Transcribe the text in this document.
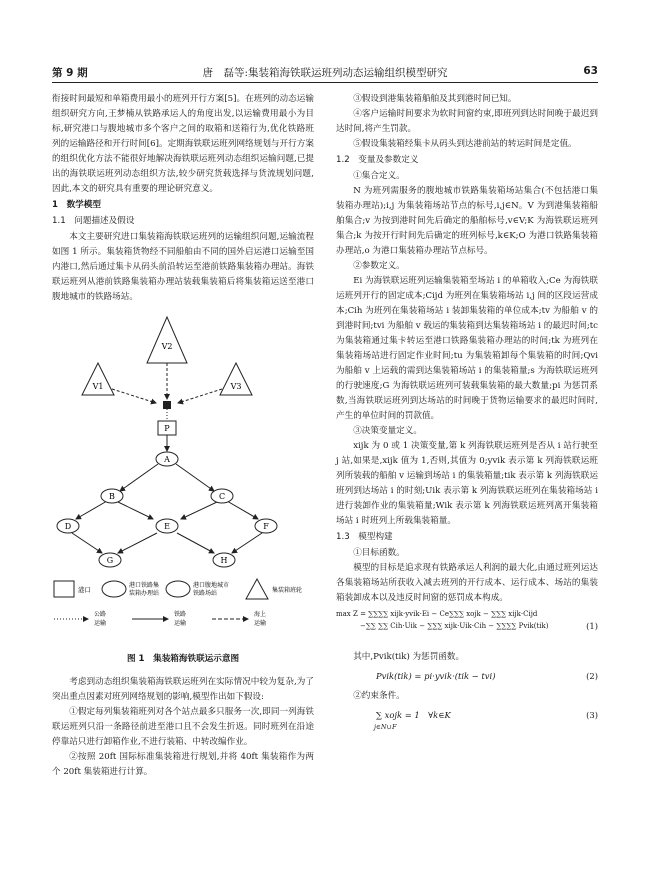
第 9 期	唐　磊等:集装箱海铁联运班列动态运输组织模型研究	63

衔接时间最短和单箱费用最小的班列开行方案[5]。在班列的动态运输组织研究方向,王梦楠从铁路承运人的角度出发,以运输费用最小为目标,研究港口与腹地城市多个客户之间的取箱和送箱行为,优化铁路班列的运输路径和开行时间[6]。定期海铁联运班列网络规划与开行方案的组织优化方法不能很好地解决海铁联运班列动态组织运输问题,已提出的海铁联运班列动态组织方法,较少研究货载选择与货流规划问题,因此,本文的研究具有重要的理论研究意义。

1　数学模型
1.1　问题描述及假设

本文主要研究进口集装箱海铁联运班列的运输组织问题,运输流程如图 1 所示。集装箱货物经不同船舶由不同的国外启运港口运输至国内港口,然后通过集卡从码头前沿转运至港前铁路集装箱办理站。海铁联运班列从港前铁路集装箱办理站装载集装箱后将集装箱运送至港口腹地城市的铁路场站。

V2
V1	V3
P
A
B	C
D	E	F
G	H

港口
港口铁路集
装箱办理站
港口腹地城市
铁路场站	集装箱班轮
公路
运输
铁路
运输
海上
运输
图 1　集装箱海铁联运示意图

考虑到动态组织集装箱海铁联运班列在实际情况中较为复杂,为了突出重点因素对班列网络规划的影响,模型作出如下假设:

①假定每列集装箱班列对各个站点最多只服务一次,即同一列海铁联运班列只沿一条路径前进至港口且不会发生折返。同时班列在沿途停靠站只进行卸箱作业,不进行装箱、中转改编作业。

②按照 20ft 国际标准集装箱进行规划,并将 40ft 集装箱作为两个 20ft 集装箱进行计算。

③假设到港集装箱船舶及其到港时间已知。

④客户运输时间要求为软时间窗约束,即班列到达时间晚于最迟到达时间,将产生罚款。

⑤假设集装箱经集卡从码头到达港前站的转运时间是定值。

1.2　变量及参数定义

①集合定义。

N 为班列需服务的腹地城市铁路集装箱场站集合(不包括港口集装箱办理站);i,j 为集装箱场站节点的标号,i,j∈N。V 为到港集装箱船舶集合;v 为按到港时间先后确定的船舶标号,v∈V;K 为海铁联运班列集合;k 为按开行时间先后确定的班列标号,k∈K;O 为港口铁路集装箱办理站,o 为港口集装箱办理站节点标号。

②参数定义。

Ei 为海铁联运班列运输集装箱至场站 i 的单箱收入;Ce 为海铁联运班列开行的固定成本;Cijd 为班列在集装箱场站 i,j 间的区段运营成本;Cih 为班列在集装箱场站 i 装卸集装箱的单位成本;tv 为船舶 v 的到港时间;tvi 为船舶 v 载运的集装箱到达集装箱场站 i 的最迟时间;tc 为集装箱通过集卡转运至港口铁路集装箱办理站的时间;tk 为班列在集装箱场站进行固定作业时间;tu 为集装箱卸每个集装箱的时间;Qvi 为船舶 v 上运载的需到达集装箱场站 i 的集装箱量;s 为海铁联运班列的行驶速度;G 为海铁联运班列可装载集装箱的最大数量;pi 为惩罚系数,当海铁联运班列到达场站的时间晚于货物运输要求的最迟时间时,产生的单位时间的罚款值。

③决策变量定义。

xijk 为 0 或 1 决策变量,第 k 列海铁联运班列是否从 i 站行驶至 j 站,如果是,xijk 值为 1,否则,其值为 0;yvik 表示第 k 列海铁联运班列所装载的船舶 v 运输到场站 i 的集装箱量;tik 表示第 k 列海铁联运班列到达场站 i 的时刻;Uik 表示第 k 列海铁联运班列在集装箱场站 i 进行装卸作业的集装箱量;Wik 表示第 k 列海铁联运班列离开集装箱场站 i 时班列上所载集装箱量。

1.3　模型构建

①目标函数。

模型的目标是追求现有铁路承运人利润的最大化,由通过班列运达各集装箱场站所获收入减去班列的开行成本、运行成本、场站的集装箱装卸成本以及违反时间窗的惩罚成本构成。

max Z = ∑∑∑∑ xijk·yvik·Ei − Ce∑∑∑ xojk − ∑∑∑ xijk·Cijd
−∑∑ ∑∑ Cih·Uik − ∑∑∑ xijk·Uik·Cih − ∑∑∑∑ Pvik(tik)	(1)

其中,Pvik(tik) 为惩罚函数。

Pvik(tik) = pi·yvik·(tik − tvi)	(2)

②约束条件。

∑ xojk = 1　∀k∈K
j∈N∪F
(3)
